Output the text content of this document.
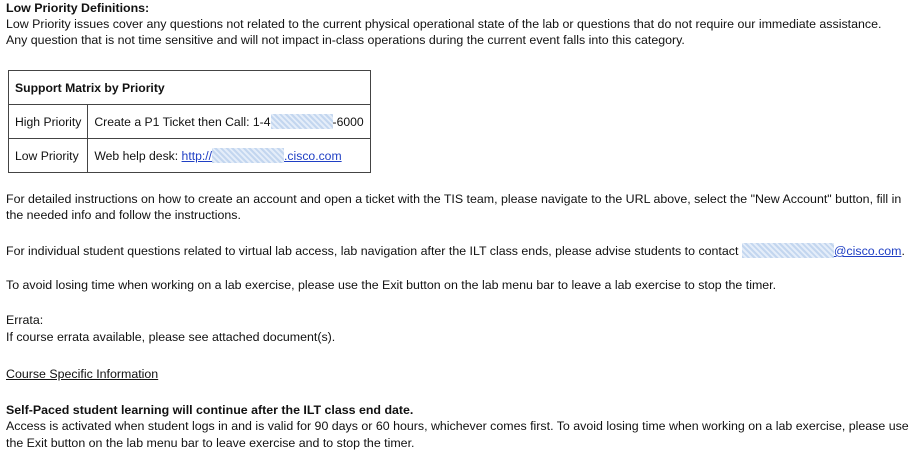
Low Priority Definitions:
Low Priority issues cover any questions not related to the current physical operational state of the lab or questions that do not require our immediate assistance.
Any question that is not time sensitive and will not impact in-class operations during the current event falls into this category.
Support Matrix by Priority	
High Priority	Create a P1 Ticket then Call: 1-4 -6000
Low Priority	Web help desk: http:// .cisco.com
For detailed instructions on how to create an account and open a ticket with the TIS team, please navigate to the URL above, select the "New Account" button, fill in
the needed info and follow the instructions.
For individual student questions related to virtual lab access, lab navigation after the ILT class ends, please advise students to contact	@cisco.com.
To avoid losing time when working on a lab exercise, please use the Exit button on the lab menu bar to leave a lab exercise to stop the timer.
Errata:
If course errata available, please see attached document(s).
Course Specific Information
Self-Paced student learning will continue after the ILT class end date.
Access is activated when student logs in and is valid for 90 days or 60 hours, whichever comes first. To avoid losing time when working on a lab exercise, please use
the Exit button on the lab menu bar to leave exercise and to stop the timer.
